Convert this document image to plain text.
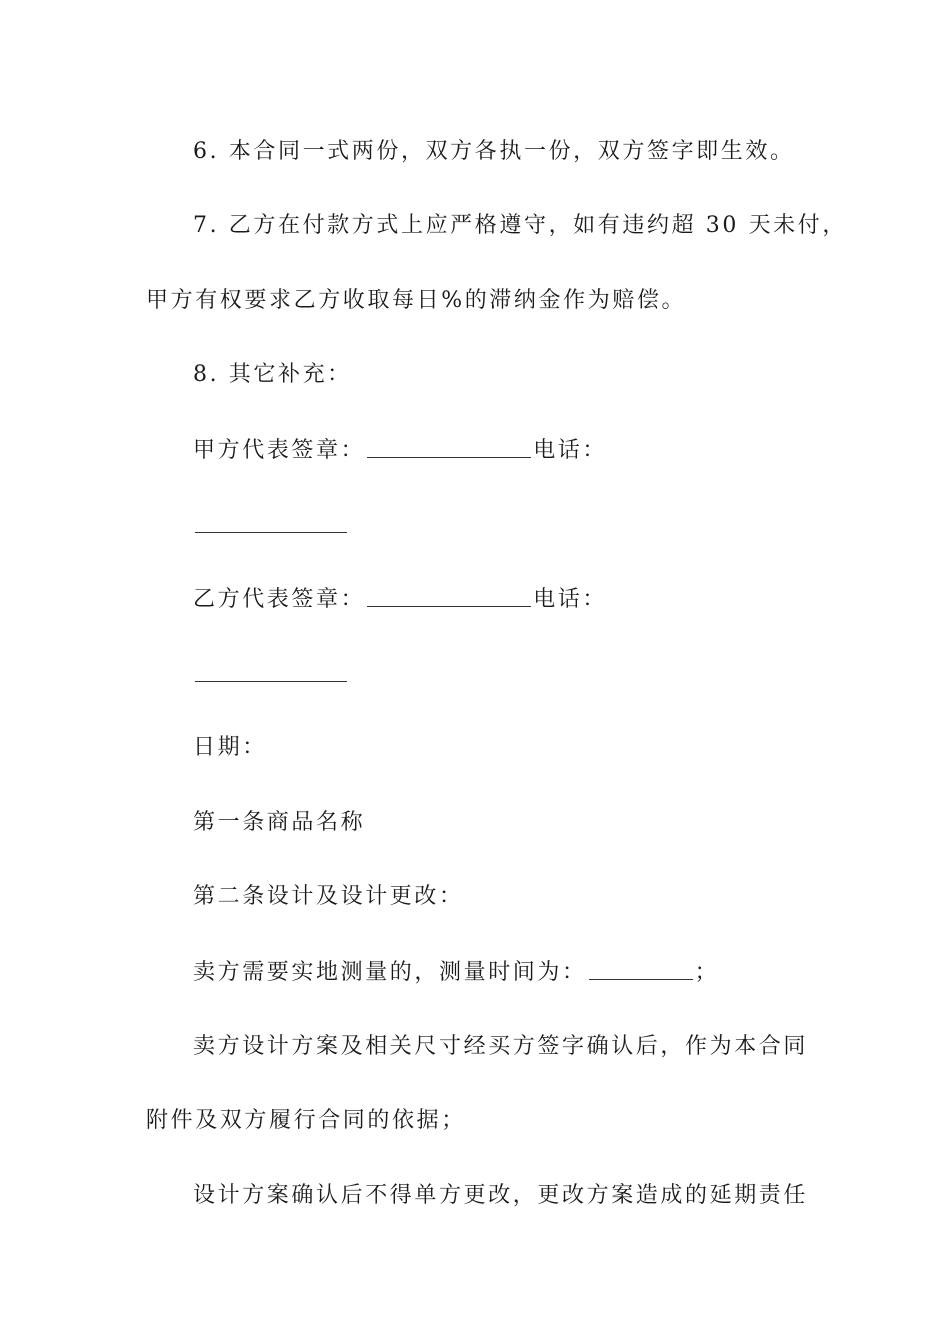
6. 本合同一式两份，双方各执一份，双方签字即生效。
7. 乙方在付款方式上应严格遵守，如有违约超 30 天未付，
甲方有权要求乙方收取每日%的滞纳金作为赔偿。
8. 其它补充：
甲方代表签章：	电话：
乙方代表签章：	电话：
日期：
第一条商品名称
第二条设计及设计更改：
卖方需要实地测量的，测量时间为：	；
卖方设计方案及相关尺寸经买方签字确认后，作为本合同
附件及双方履行合同的依据；
设计方案确认后不得单方更改，更改方案造成的延期责任
